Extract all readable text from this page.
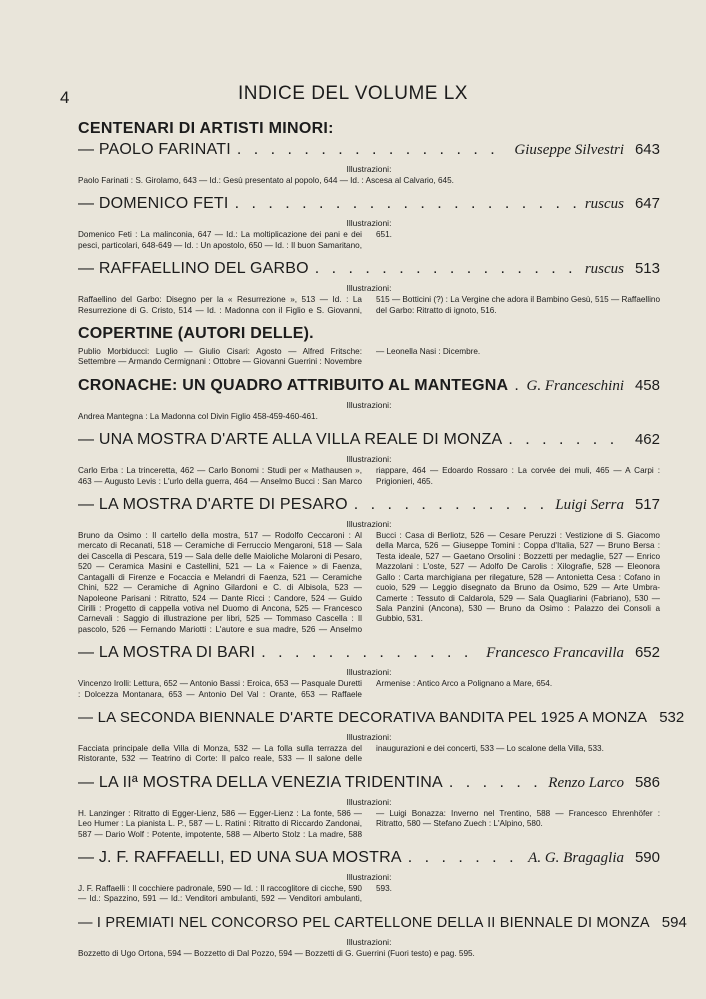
4	INDICE DEL VOLUME LX
CENTENARI DI ARTISTI MINORI:
— PAOLO FARINATI . . .	Giuseppe Silvestri 643
Illustrazioni:
Paolo Farinati : S. Girolamo, 643 — Id.: Gesù presentato al popolo, 644 — Id. : Ascesa al Calvario, 645.
— DOMENICO FETI . . .	ruscus 647
Illustrazioni:
Domenico Feti : La malinconia, 647 — Id.: La moltiplicazione dei pani e dei pesci, particolari, 648-649 — Id. : Un apostolo, 650 — Id. : Il buon Samaritano, 651.
— RAFFAELLINO DEL GARBO . . .	ruscus 513
Illustrazioni:
Raffaellino del Garbo: Disegno per la « Resurrezione », 513 — Id. : La Resurrezione di G. Cristo, 514 — Id. : Madonna con il Figlio e S. Giovanni, 515 — Botticini (?) : La Vergine che adora il Bambino Gesù, 515 — Raffaellino del Garbo: Ritratto di ignoto, 516.
COPERTINE (AUTORI DELLE).
Publio Morbiducci: Luglio — Giulio Cisari: Agosto — Alfred Fritsche: Settembre — Armando Cermignani : Ottobre — Giovanni Guerrini : Novembre — Leonella Nasi : Dicembre.
CRONACHE: UN QUADRO ATTRIBUITO AL MANTEGNA . . . G. Franceschini 458
Illustrazioni:
Andrea Mantegna : La Madonna col Divin Figlio 458-459-460-461.
— UNA MOSTRA D'ARTE ALLA VILLA REALE DI MONZA . . .	462
Illustrazioni:
Carlo Erba : La trinceretta, 462 — Carlo Bonomi : Studi per « Mathausen », 463 — Augusto Levis : L'urlo della guerra, 464 — Anselmo Bucci : San Marco riappare, 464 — Edoardo Rossaro : La corvée dei muli, 465 — A Carpi : Prigionieri, 465.
— LA MOSTRA D'ARTE DI PESARO . . .	Luigi Serra 517
Illustrazioni:
Bruno da Osimo : Il cartello della mostra, 517 — Rodolfo Ceccaroni : Al mercato di Recanati, 518 — Ceramiche di Ferruccio Mengaroni, 518 — Sala dei Cascella di Pescara, 519 — Sala delle delle Maioliche Molaroni di Pesaro, 520 — Ceramica Masini e Castellini, 521 — La « Faience » di Faenza, Cantagalli di Firenze e Focaccia e Melandri di Faenza, 521 — Ceramiche Chini, 522 — Ceramiche di Agnino Gilardoni e C. di Albisola, 523 — Napoleone Parisani : Ritratto, 524 — Dante Ricci : Candore, 524 — Guido Cirilli : Progetto di cappella votiva nel Duomo di Ancona, 525 — Francesco Carnevali : Saggio di illustrazione per libri, 525 — Tommaso Cascella : Il pascolo, 526 — Fernando Mariotti : L'autore e sua madre, 526 — Anselmo Bucci : Casa di Berliotz, 526 — Cesare Peruzzi : Vestizione di S. Giacomo della Marca, 526 — Giuseppe Tomini : Coppa d'Italia, 527 — Bruno Bersa : Testa ideale, 527 — Gaetano Orsolini : Bozzetti per medaglie, 527 — Enrico Mazzolani : L'oste, 527 — Adolfo De Carolis : Xilografie, 528 — Eleonora Gallo : Carta marchigiana per rilegature, 528 — Antonietta Cesa : Cofano in cuoio, 529 — Leggio disegnato da Bruno da Osimo, 529 — Arte Umbra-Camerte : Tessuto di Caldarola, 529 — Sala Quagliarini (Fabriano), 530 — Sala Panzini (Ancona), 530 — Bruno da Osimo : Palazzo dei Consoli a Gubbio, 531.
— LA MOSTRA DI BARI . . .	Francesco Francavilla 652
Illustrazioni:
Vincenzo Irolli: Lettura, 652 — Antonio Bassi : Eroica, 653 — Pasquale Duretti : Dolcezza Montanara, 653 — Antonio Del Val : Orante, 653 — Raffaele Armenise : Antico Arco a Polignano a Mare, 654.
— LA SECONDA BIENNALE D'ARTE DECORATIVA BANDITA PEL 1925 A MONZA 532
Illustrazioni:
Facciata principale della Villa di Monza, 532 — La folla sulla terrazza del Ristorante, 532 — Teatrino di Corte: Il palco reale, 533 — Il salone delle inaugurazioni e dei concerti, 533 — Lo scalone della Villa, 533.
— LA IIª MOSTRA DELLA VENEZIA TRIDENTINA . . .	Renzo Larco 586
Illustrazioni:
H. Lanzinger : Ritratto di Egger-Lienz, 586 — Egger-Lienz : La fonte, 586 — Leo Humer : La pianista L. P., 587 — L. Ratini : Ritratto di Riccardo Zandonai, 587 — Dario Wolf : Potente, impotente, 588 — Alberto Stolz : La madre, 588 — Luigi Bonazza: Inverno nel Trentino, 588 — Francesco Ehrenhöfer : Ritratto, 580 — Stefano Zuech : L'Alpino, 580.
— J. F. RAFFAELLI, ED UNA SUA MOSTRA . . .	A. G. Bragaglia 590
Illustrazioni:
J. F. Raffaelli : Il cocchiere padronale, 590 — Id. : Il raccoglitore di cicche, 590 — Id.: Spazzino, 591 — Id.: Venditori ambulanti, 592 — Venditori ambulanti, 593.
— I PREMIATI NEL CONCORSO PEL CARTELLONE DELLA II BIENNALE DI MONZA 594
Illustrazioni:
Bozzetto di Ugo Ortona, 594 — Bozzetto di Dal Pozzo, 594 — Bozzetti di G. Guerrini (Fuori testo) e pag. 595.
